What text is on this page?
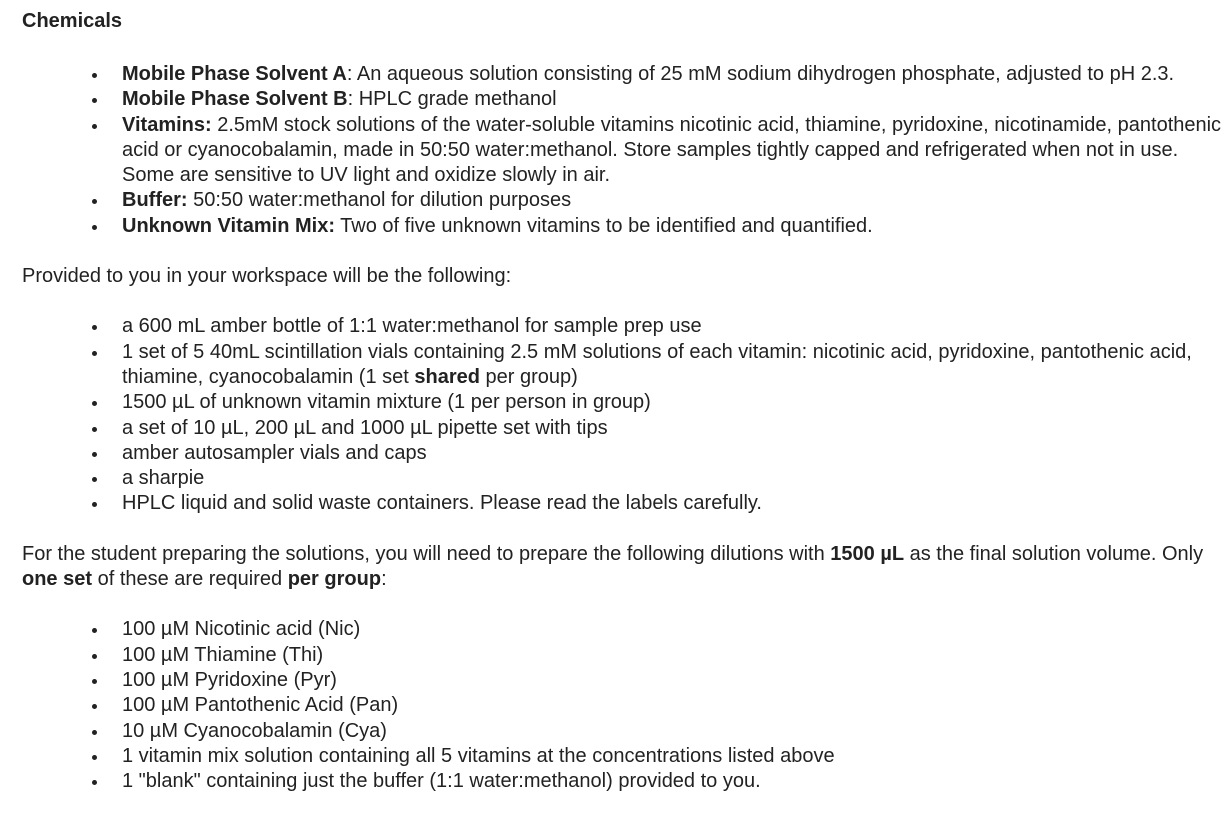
Chemicals
Mobile Phase Solvent A: An aqueous solution consisting of 25 mM sodium dihydrogen phosphate, adjusted to pH 2.3.
Mobile Phase Solvent B: HPLC grade methanol
Vitamins: 2.5mM stock solutions of the water-soluble vitamins nicotinic acid, thiamine, pyridoxine, nicotinamide, pantothenic acid or cyanocobalamin, made in 50:50 water:methanol. Store samples tightly capped and refrigerated when not in use. Some are sensitive to UV light and oxidize slowly in air.
Buffer: 50:50 water:methanol for dilution purposes
Unknown Vitamin Mix: Two of five unknown vitamins to be identified and quantified.

Provided to you in your workspace will be the following:

a 600 mL amber bottle of 1:1 water:methanol for sample prep use
1 set of 5 40mL scintillation vials containing 2.5 mM solutions of each vitamin: nicotinic acid, pyridoxine, pantothenic acid, thiamine, cyanocobalamin (1 set shared per group)
1500 µL of unknown vitamin mixture (1 per person in group)
a set of 10 µL, 200 µL and 1000 µL pipette set with tips
amber autosampler vials and caps
a sharpie
HPLC liquid and solid waste containers. Please read the labels carefully.

For the student preparing the solutions, you will need to prepare the following dilutions with 1500 µL as the final solution volume. Only one set of these are required per group:

100 µM Nicotinic acid (Nic)
100 µM Thiamine (Thi)
100 µM Pyridoxine (Pyr)
100 µM Pantothenic Acid (Pan)
10 µM Cyanocobalamin (Cya)
1 vitamin mix solution containing all 5 vitamins at the concentrations listed above
1 "blank" containing just the buffer (1:1 water:methanol) provided to you.
